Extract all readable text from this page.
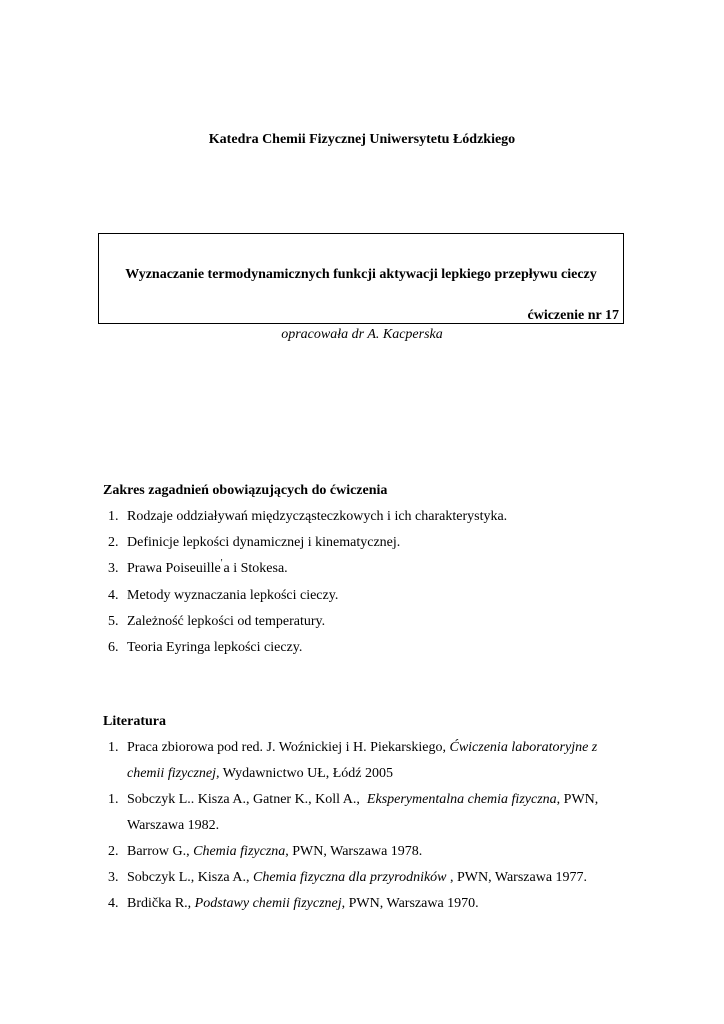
Katedra Chemii Fizycznej Uniwersytetu Łódzkiego
Wyznaczanie termodynamicznych funkcji aktywacji lepkiego przepływu cieczy
ćwiczenie nr 17
opracowała dr A. Kacperska
Zakres zagadnień obowiązujących do ćwiczenia
1. Rodzaje oddziaływań międzycząsteczkowych i ich charakterystyka.
2. Definicje lepkości dynamicznej i kinematycznej.
3. Prawa Poiseuille'a i Stokesa.
4. Metody wyznaczania lepkości cieczy.
5. Zależność lepkości od temperatury.
6. Teoria Eyringa lepkości cieczy.
Literatura
1. Praca zbiorowa pod red. J. Woźnickiej i H. Piekarskiego, Ćwiczenia laboratoryjne z chemii fizycznej, Wydawnictwo UŁ, Łódź 2005
1. Sobczyk L.. Kisza A., Gatner K., Koll A.,  Eksperymentalna chemia fizyczna, PWN, Warszawa 1982.
2. Barrow G., Chemia fizyczna, PWN, Warszawa 1978.
3. Sobczyk L., Kisza A., Chemia fizyczna dla przyrodników , PWN, Warszawa 1977.
4. Brdička R., Podstawy chemii fizycznej, PWN, Warszawa 1970.
